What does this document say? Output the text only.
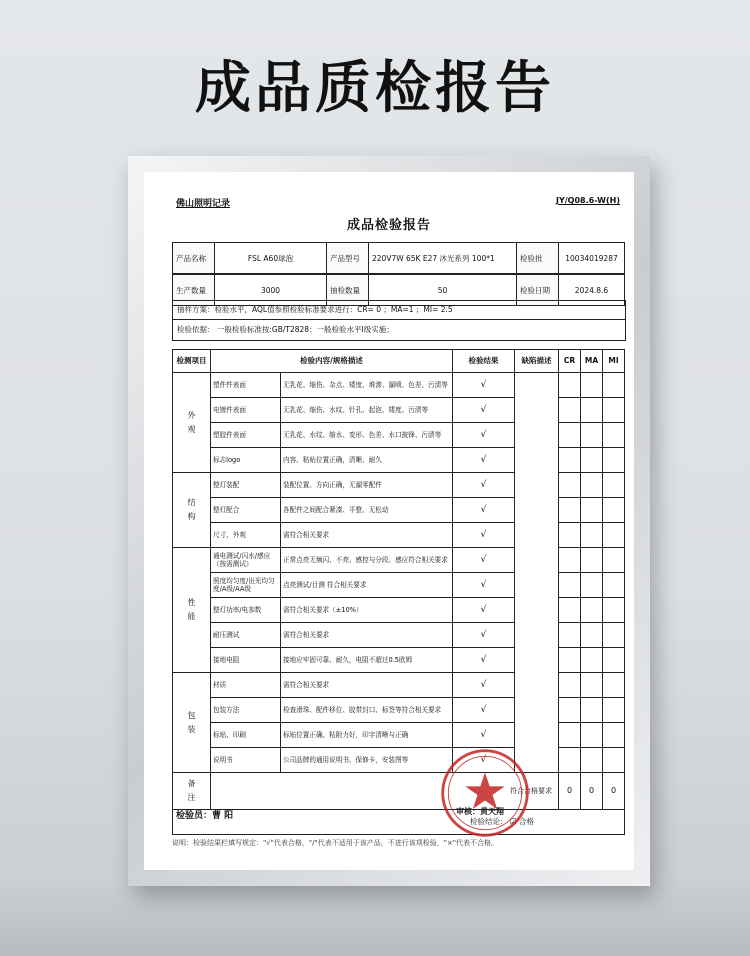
成品质检报告
佛山照明记录	JY/Q08.6-W(H)
成品检验报告
产品名称	FSL A60球泡	产品型号	220V7W 65K E27 沐光系列 100*1	检验批	10034019287
生产数量	3000	抽检数量	50	检验日期	2024.8.6
抽样方案：检验水平，AQL值参照检验标准要求进行：CR= 0 ；MA=1 ；MI= 2.5
检验依据： 一般检验标准按:GB/T2828：一般检验水平Ⅰ级实施；
检测项目	检验内容/规格描述		检验结果	缺陷描述	CR	MA	MI

外
观	塑件件表面	无乳花、缩伤、杂点、矮度、堆渗、漏喷、色差、污渍等	√				
	电镀件表面	无乳花、缩伤、水纹、针孔、起泡、矮度、污渍等	√				
	塑胶件表面	无乳花、水纹、缩水、变形、色差、水口披锋、污渍等	√				
	标志logo	内容、粘贴位置正确，清晰、耐久	√				

结
构	整灯装配	装配位置、方向正确，无漏零配件	√				
	整灯配合	各配件之间配合紧凑、平整、无松动	√				
	尺寸、外观	需符合相关要求	√				

性
能	通电测试/闪水/感应（按需测试）	正常点亮无频闪、不亮、感控与分段、感应符合相关要求	√				
	照度均匀度/出光均匀度/A级/AA级	点亮测试/目测 符合相关要求	√				
	整灯功率/电参数	需符合相关要求（±10%）	√				
	耐压测试	需符合相关要求	√				
	接地电阻	接地应牢固可靠、耐久，电阻不超过0.5欧姆	√				

包
装	材质	需符合相关要求	√				
	包装方法	检查滑珠、配件移位、胶带封口、标签等符合相关要求	√				
	标贴、印刷	标贴位置正确、粘附力好，印字清晰与正确	√				
	说明书	公司品牌的通用说明书、保修卡，安装图等	√				

备
注	符合合格要求				0	0	0
检验结论： ☑ 合格							
检验员：曹 阳	审核：黄天翔
说明：检验结果栏填写规定："√"代表合格，"/"代表不适用于该产品，不进行该项检验，"×"代表不合格。
